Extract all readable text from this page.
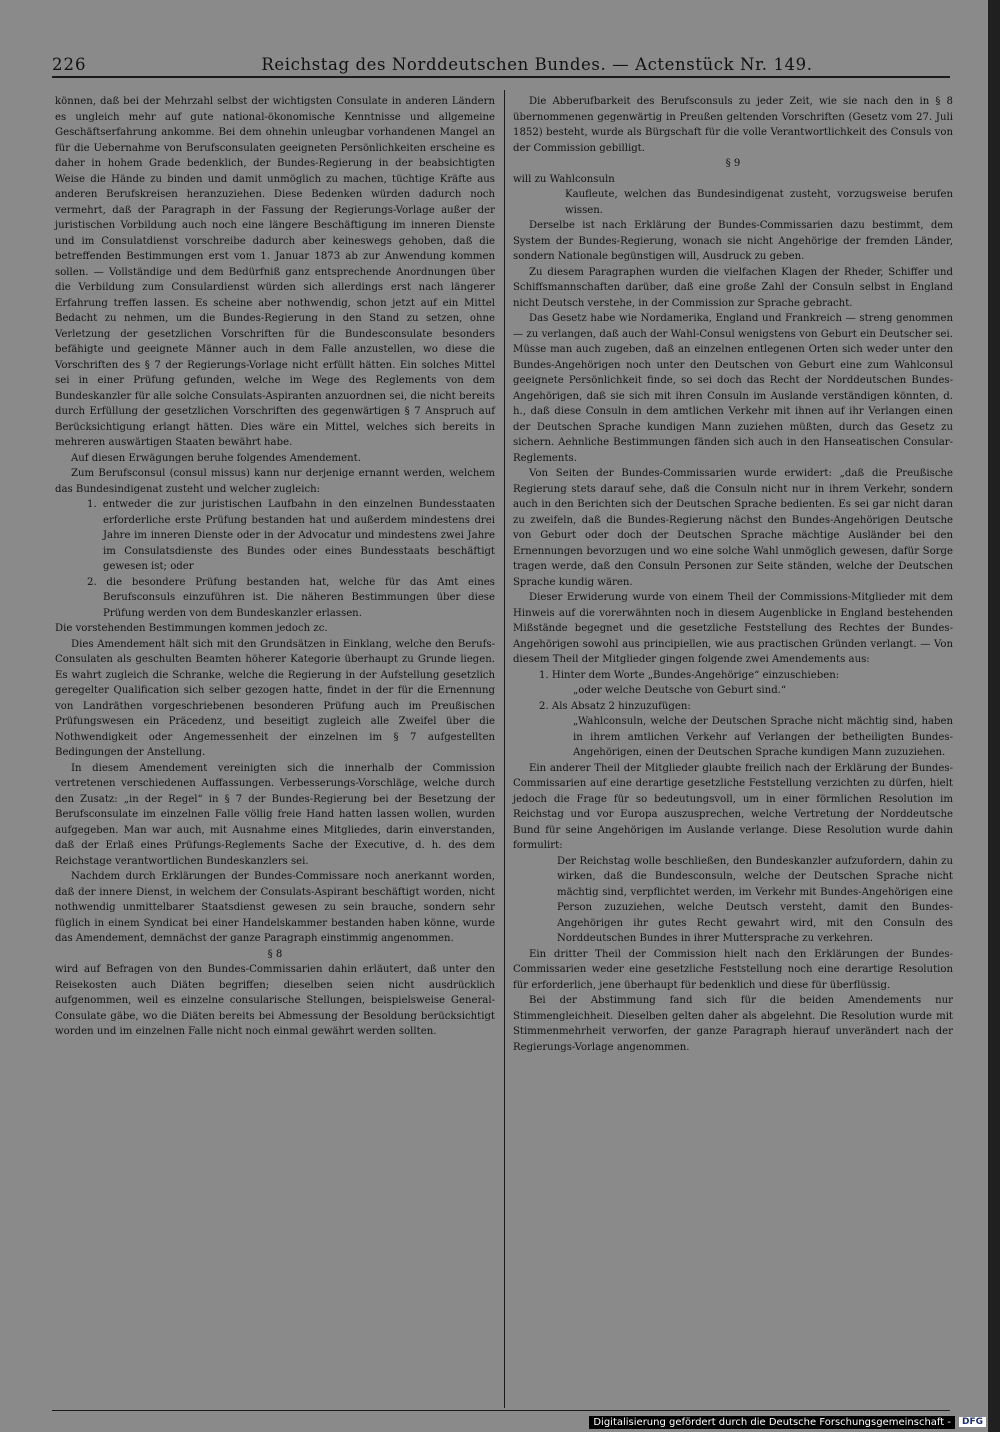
226	Reichstag des Norddeutschen Bundes. — Actenstück Nr. 149.

können, daß bei der Mehrzahl selbst der wichtigsten Consulate in anderen Ländern es ungleich mehr auf gute national-ökonomische Kenntnisse und allgemeine Geschäftserfahrung ankomme. Bei dem ohnehin unleugbar vorhandenen Mangel an für die Uebernahme von Berufsconsulaten geeigneten Persönlichkeiten erscheine es daher in hohem Grade bedenklich, der Bundes-Regierung in der beabsichtigten Weise die Hände zu binden und damit unmöglich zu machen, tüchtige Kräfte aus anderen Berufskreisen heranzuziehen. Diese Bedenken würden dadurch noch vermehrt, daß der Paragraph in der Fassung der Regierungs-Vorlage außer der juristischen Vorbildung auch noch eine längere Beschäftigung im inneren Dienste und im Consulatdienst vorschreibe dadurch aber keineswegs gehoben, daß die betreffenden Bestimmungen erst vom 1. Januar 1873 ab zur Anwendung kommen sollen. — Vollständige und dem Bedürfniß ganz entsprechende Anordnungen über die Verbildung zum Consulardienst würden sich allerdings erst nach längerer Erfahrung treffen lassen. Es scheine aber nothwendig, schon jetzt auf ein Mittel Bedacht zu nehmen, um die Bundes-Regierung in den Stand zu setzen, ohne Verletzung der gesetzlichen Vorschriften für die Bundesconsulate besonders befähigte und geeignete Männer auch in dem Falle anzustellen, wo diese die Vorschriften des § 7 der Regierungs-Vorlage nicht erfüllt hätten. Ein solches Mittel sei in einer Prüfung gefunden, welche im Wege des Reglements von dem Bundeskanzler für alle solche Consulats-Aspiranten anzuordnen sei, die nicht bereits durch Erfüllung der gesetzlichen Vorschriften des gegenwärtigen § 7 Anspruch auf Berücksichtigung erlangt hätten. Dies wäre ein Mittel, welches sich bereits in mehreren auswärtigen Staaten bewährt habe.

Auf diesen Erwägungen beruhe folgendes Amendement.

Zum Berufsconsul (consul missus) kann nur derjenige ernannt werden, welchem das Bundesindigenat zusteht und welcher zugleich:

1. entweder die zur juristischen Laufbahn in den einzelnen Bundesstaaten erforderliche erste Prüfung bestanden hat und außerdem mindestens drei Jahre im inneren Dienste oder in der Advocatur und mindestens zwei Jahre im Consulatsdienste des Bundes oder eines Bundesstaats beschäftigt gewesen ist; oder

2. die besondere Prüfung bestanden hat, welche für das Amt eines Berufsconsuls einzuführen ist. Die näheren Bestimmungen über diese Prüfung werden von dem Bundeskanzler erlassen.

Die vorstehenden Bestimmungen kommen jedoch zc.

Dies Amendement hält sich mit den Grundsätzen in Einklang, welche den Berufs-Consulaten als geschulten Beamten höherer Kategorie überhaupt zu Grunde liegen. Es wahrt zugleich die Schranke, welche die Regierung in der Aufstellung gesetzlich geregelter Qualification sich selber gezogen hatte, findet in der für die Ernennung von Landräthen vorgeschriebenen besonderen Prüfung auch im Preußischen Prüfungswesen ein Präcedenz, und beseitigt zugleich alle Zweifel über die Nothwendigkeit oder Angemessenheit der einzelnen im § 7 aufgestellten Bedingungen der Anstellung.

In diesem Amendement vereinigten sich die innerhalb der Commission vertretenen verschiedenen Auffassungen. Verbesserungs-Vorschläge, welche durch den Zusatz: „in der Regel“ in § 7 der Bundes-Regierung bei der Besetzung der Berufsconsulate im einzelnen Falle völlig freie Hand hatten lassen wollen, wurden aufgegeben. Man war auch, mit Ausnahme eines Mitgliedes, darin einverstanden, daß der Erlaß eines Prüfungs-Reglements Sache der Executive, d. h. des dem Reichstage verantwortlichen Bundeskanzlers sei.

Nachdem durch Erklärungen der Bundes-Commissare noch anerkannt worden, daß der innere Dienst, in welchem der Consulats-Aspirant beschäftigt worden, nicht nothwendig unmittelbarer Staatsdienst gewesen zu sein brauche, sondern sehr füglich in einem Syndicat bei einer Handelskammer bestanden haben könne, wurde das Amendement, demnächst der ganze Paragraph einstimmig angenommen.

§ 8

wird auf Befragen von den Bundes-Commissarien dahin erläutert, daß unter den Reisekosten auch Diäten begriffen; dieselben seien nicht ausdrücklich aufgenommen, weil es einzelne consularische Stellungen, beispielsweise General-Consulate gäbe, wo die Diäten bereits bei Abmessung der Besoldung berücksichtigt worden und im einzelnen Falle nicht noch einmal gewährt werden sollten.

Die Abberufbarkeit des Berufsconsuls zu jeder Zeit, wie sie nach den in § 8 übernommenen gegenwärtig in Preußen geltenden Vorschriften (Gesetz vom 27. Juli 1852) besteht, wurde als Bürgschaft für die volle Verantwortlichkeit des Consuls von der Commission gebilligt.

§ 9

will zu Wahlconsuln

Kaufleute, welchen das Bundesindigenat zusteht, vorzugsweise berufen wissen.

Derselbe ist nach Erklärung der Bundes-Commissarien dazu bestimmt, dem System der Bundes-Regierung, wonach sie nicht Angehörige der fremden Länder, sondern Nationale begünstigen will, Ausdruck zu geben.

Zu diesem Paragraphen wurden die vielfachen Klagen der Rheder, Schiffer und Schiffsmannschaften darüber, daß eine große Zahl der Consuln selbst in England nicht Deutsch verstehe, in der Commission zur Sprache gebracht.

Das Gesetz habe wie Nordamerika, England und Frankreich — streng genommen — zu verlangen, daß auch der Wahl-Consul wenigstens von Geburt ein Deutscher sei. Müsse man auch zugeben, daß an einzelnen entlegenen Orten sich weder unter den Bundes-Angehörigen noch unter den Deutschen von Geburt eine zum Wahlconsul geeignete Persönlichkeit finde, so sei doch das Recht der Norddeutschen Bundes-Angehörigen, daß sie sich mit ihren Consuln im Auslande verständigen könnten, d. h., daß diese Consuln in dem amtlichen Verkehr mit ihnen auf ihr Verlangen einen der Deutschen Sprache kundigen Mann zuziehen müßten, durch das Gesetz zu sichern. Aehnliche Bestimmungen fänden sich auch in den Hanseatischen Consular-Reglements.

Von Seiten der Bundes-Commissarien wurde erwidert: „daß die Preußische Regierung stets darauf sehe, daß die Consuln nicht nur in ihrem Verkehr, sondern auch in den Berichten sich der Deutschen Sprache bedienten. Es sei gar nicht daran zu zweifeln, daß die Bundes-Regierung nächst den Bundes-Angehörigen Deutsche von Geburt oder doch der Deutschen Sprache mächtige Ausländer bei den Ernennungen bevorzugen und wo eine solche Wahl unmöglich gewesen, dafür Sorge tragen werde, daß den Consuln Personen zur Seite ständen, welche der Deutschen Sprache kundig wären.

Dieser Erwiderung wurde von einem Theil der Commissions-Mitglieder mit dem Hinweis auf die vorerwähnten noch in diesem Augenblicke in England bestehenden Mißstände begegnet und die gesetzliche Feststellung des Rechtes der Bundes-Angehörigen sowohl aus principiellen, wie aus practischen Gründen verlangt. — Von diesem Theil der Mitglieder gingen folgende zwei Amendements aus:

1. Hinter dem Worte „Bundes-Angehörige“ einzuschieben:

„oder welche Deutsche von Geburt sind.“

2. Als Absatz 2 hinzuzufügen:

„Wahlconsuln, welche der Deutschen Sprache nicht mächtig sind, haben in ihrem amtlichen Verkehr auf Verlangen der betheiligten Bundes-Angehörigen, einen der Deutschen Sprache kundigen Mann zuzuziehen.

Ein anderer Theil der Mitglieder glaubte freilich nach der Erklärung der Bundes-Commissarien auf eine derartige gesetzliche Feststellung verzichten zu dürfen, hielt jedoch die Frage für so bedeutungsvoll, um in einer förmlichen Resolution im Reichstag und vor Europa auszusprechen, welche Vertretung der Norddeutsche Bund für seine Angehörigen im Auslande verlange. Diese Resolution wurde dahin formulirt:

Der Reichstag wolle beschließen, den Bundeskanzler aufzufordern, dahin zu wirken, daß die Bundesconsuln, welche der Deutschen Sprache nicht mächtig sind, verpflichtet werden, im Verkehr mit Bundes-Angehörigen eine Person zuzuziehen, welche Deutsch versteht, damit den Bundes-Angehörigen ihr gutes Recht gewahrt wird, mit den Consuln des Norddeutschen Bundes in ihrer Muttersprache zu verkehren.

Ein dritter Theil der Commission hielt nach den Erklärungen der Bundes-Commissarien weder eine gesetzliche Feststellung noch eine derartige Resolution für erforderlich, jene überhaupt für bedenklich und diese für überflüssig.

Bei der Abstimmung fand sich für die beiden Amendements nur Stimmengleichheit. Dieselben gelten daher als abgelehnt. Die Resolution wurde mit Stimmenmehrheit verworfen, der ganze Paragraph hierauf unverändert nach der Regierungs-Vorlage angenommen.

Digitalisierung gefördert durch die Deutsche Forschungsgemeinschaft -	DFG
